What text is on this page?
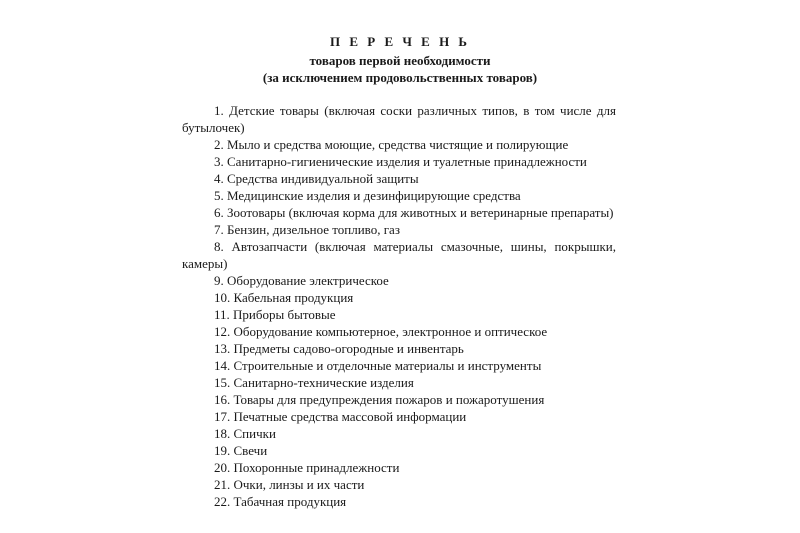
П Е Р Е Ч Е Н Ь
товаров первой необходимости
(за исключением продовольственных товаров)
1. Детские товары (включая соски различных типов, в том числе для бутылочек)
2. Мыло и средства моющие, средства чистящие и полирующие
3. Санитарно-гигиенические изделия и туалетные принадлежности
4. Средства индивидуальной защиты
5. Медицинские изделия и дезинфицирующие средства
6. Зоотовары (включая корма для животных и ветеринарные препараты)
7. Бензин, дизельное топливо, газ
8. Автозапчасти (включая материалы смазочные, шины, покрышки, камеры)
9. Оборудование электрическое
10. Кабельная продукция
11. Приборы бытовые
12. Оборудование компьютерное, электронное и оптическое
13. Предметы садово-огородные и инвентарь
14. Строительные и отделочные материалы и инструменты
15. Санитарно-технические изделия
16. Товары для предупреждения пожаров и пожаротушения
17. Печатные средства массовой информации
18. Спички
19. Свечи
20. Похоронные принадлежности
21. Очки, линзы и их части
22. Табачная продукция
